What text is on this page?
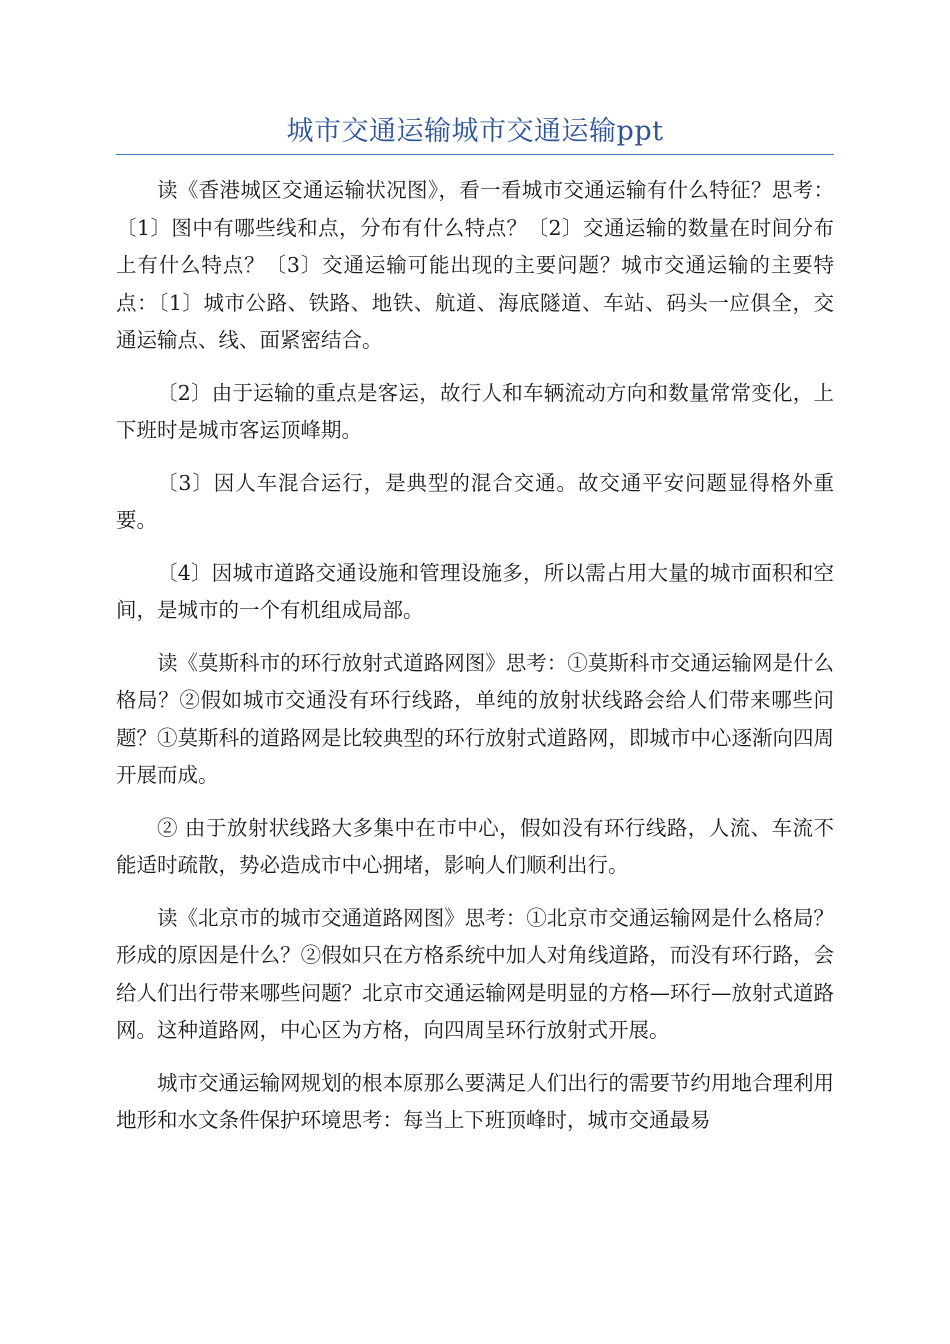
城市交通运输城市交通运输ppt

读《香港城区交通运输状况图》，看一看城市交通运输有什么特征？思考：〔1〕图中有哪些线和点，分布有什么特点？〔2〕交通运输的数量在时间分布上有什么特点？〔3〕交通运输可能出现的主要问题？城市交通运输的主要特点：〔1〕城市公路、铁路、地铁、航道、海底隧道、车站、码头一应俱全，交通运输点、线、面紧密结合。

〔2〕由于运输的重点是客运，故行人和车辆流动方向和数量常常变化，上下班时是城市客运顶峰期。

〔3〕因人车混合运行，是典型的混合交通。故交通平安问题显得格外重要。

〔4〕因城市道路交通设施和管理设施多，所以需占用大量的城市面积和空间，是城市的一个有机组成局部。

读《莫斯科市的环行放射式道路网图》思考：①莫斯科市交通运输网是什么格局？②假如城市交通没有环行线路，单纯的放射状线路会给人们带来哪些问题？①莫斯科的道路网是比较典型的环行放射式道路网，即城市中心逐渐向四周开展而成。

② 由于放射状线路大多集中在市中心，假如没有环行线路，人流、车流不能适时疏散，势必造成市中心拥堵，影响人们顺利出行。

读《北京市的城市交通道路网图》思考：①北京市交通运输网是什么格局？形成的原因是什么？②假如只在方格系统中加人对角线道路，而没有环行路，会给人们出行带来哪些问题？北京市交通运输网是明显的方格—环行—放射式道路网。这种道路网，中心区为方格，向四周呈环行放射式开展。

城市交通运输网规划的根本原那么要满足人们出行的需要节约用地合理利用地形和水文条件保护环境思考：每当上下班顶峰时，城市交通最易
